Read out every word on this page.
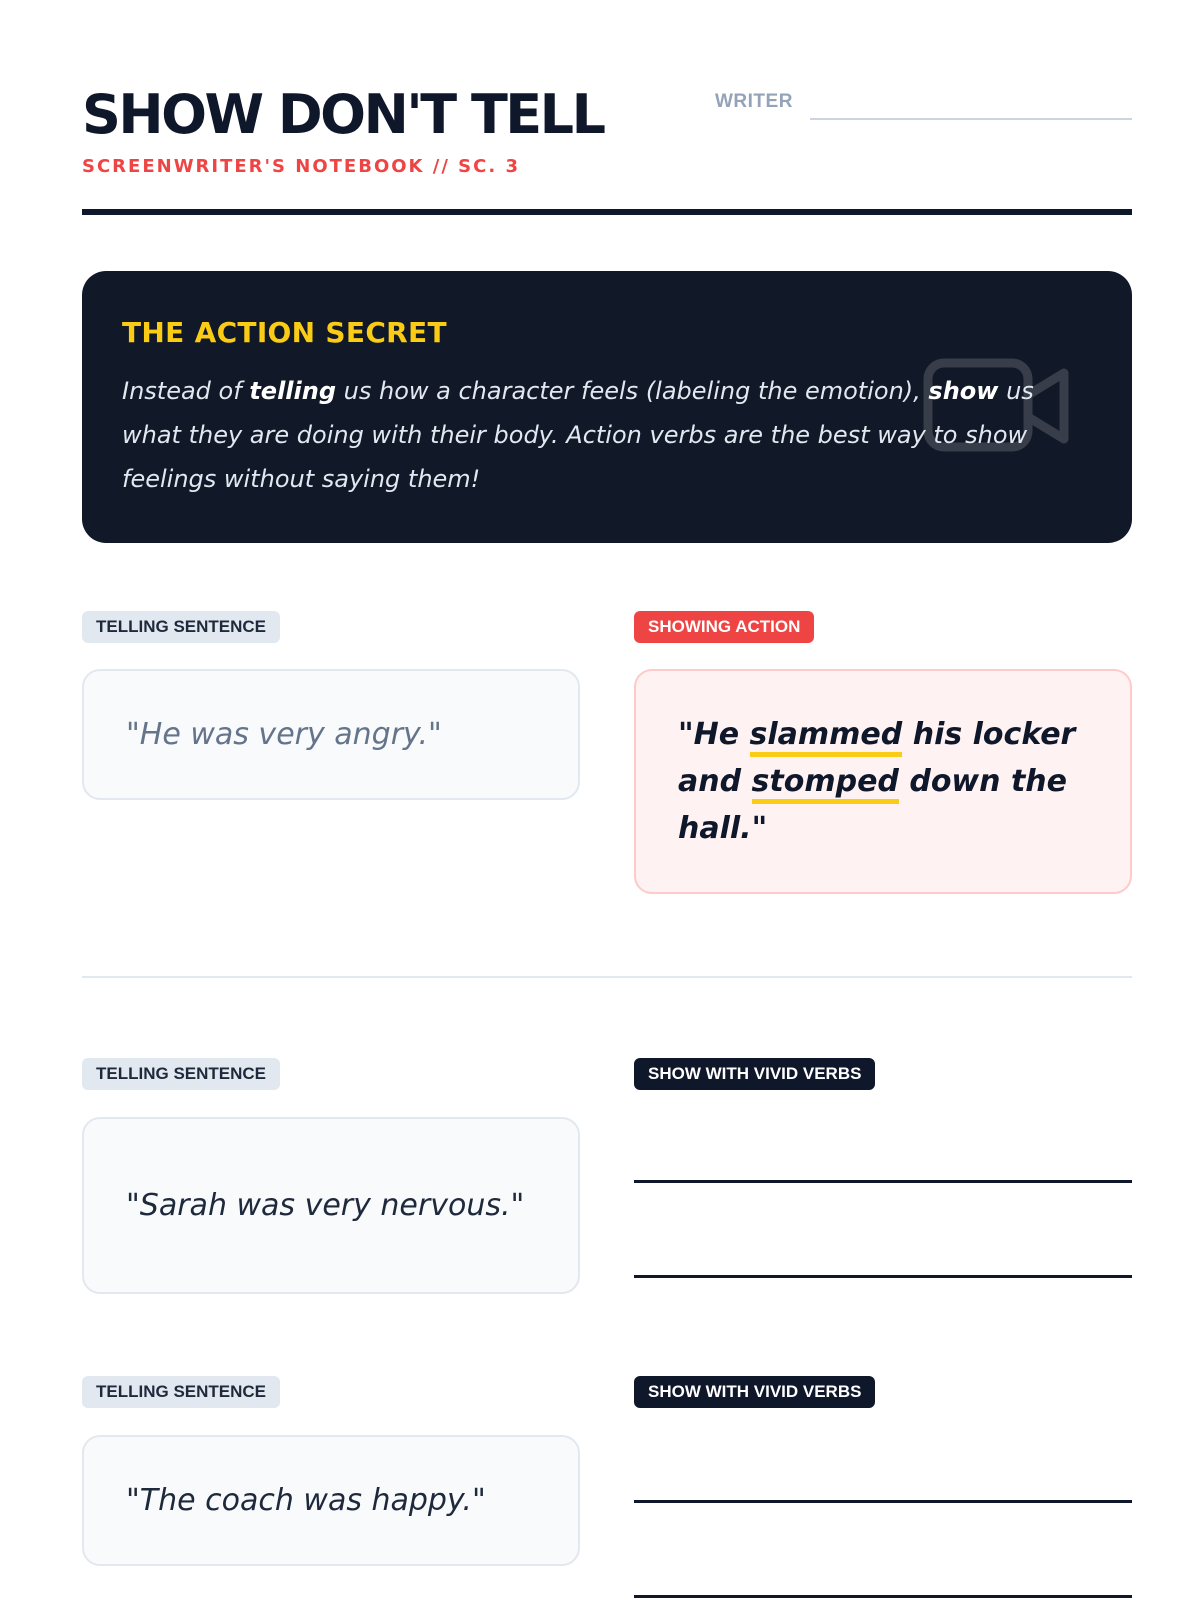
SHOW DON'T TELL
SCREENWRITER'S NOTEBOOK // SC. 3
WRITER
THE ACTION SECRET
Instead of telling us how a character feels (labeling the emotion), show us what they are doing with their body. Action verbs are the best way to show feelings without saying them!
TELLING SENTENCE	SHOWING ACTION
"He was very angry."	"He slammed his locker and stomped down the hall."
TELLING SENTENCE	SHOW WITH VIVID VERBS
"Sarah was very nervous."
TELLING SENTENCE	SHOW WITH VIVID VERBS
"The coach was happy."
